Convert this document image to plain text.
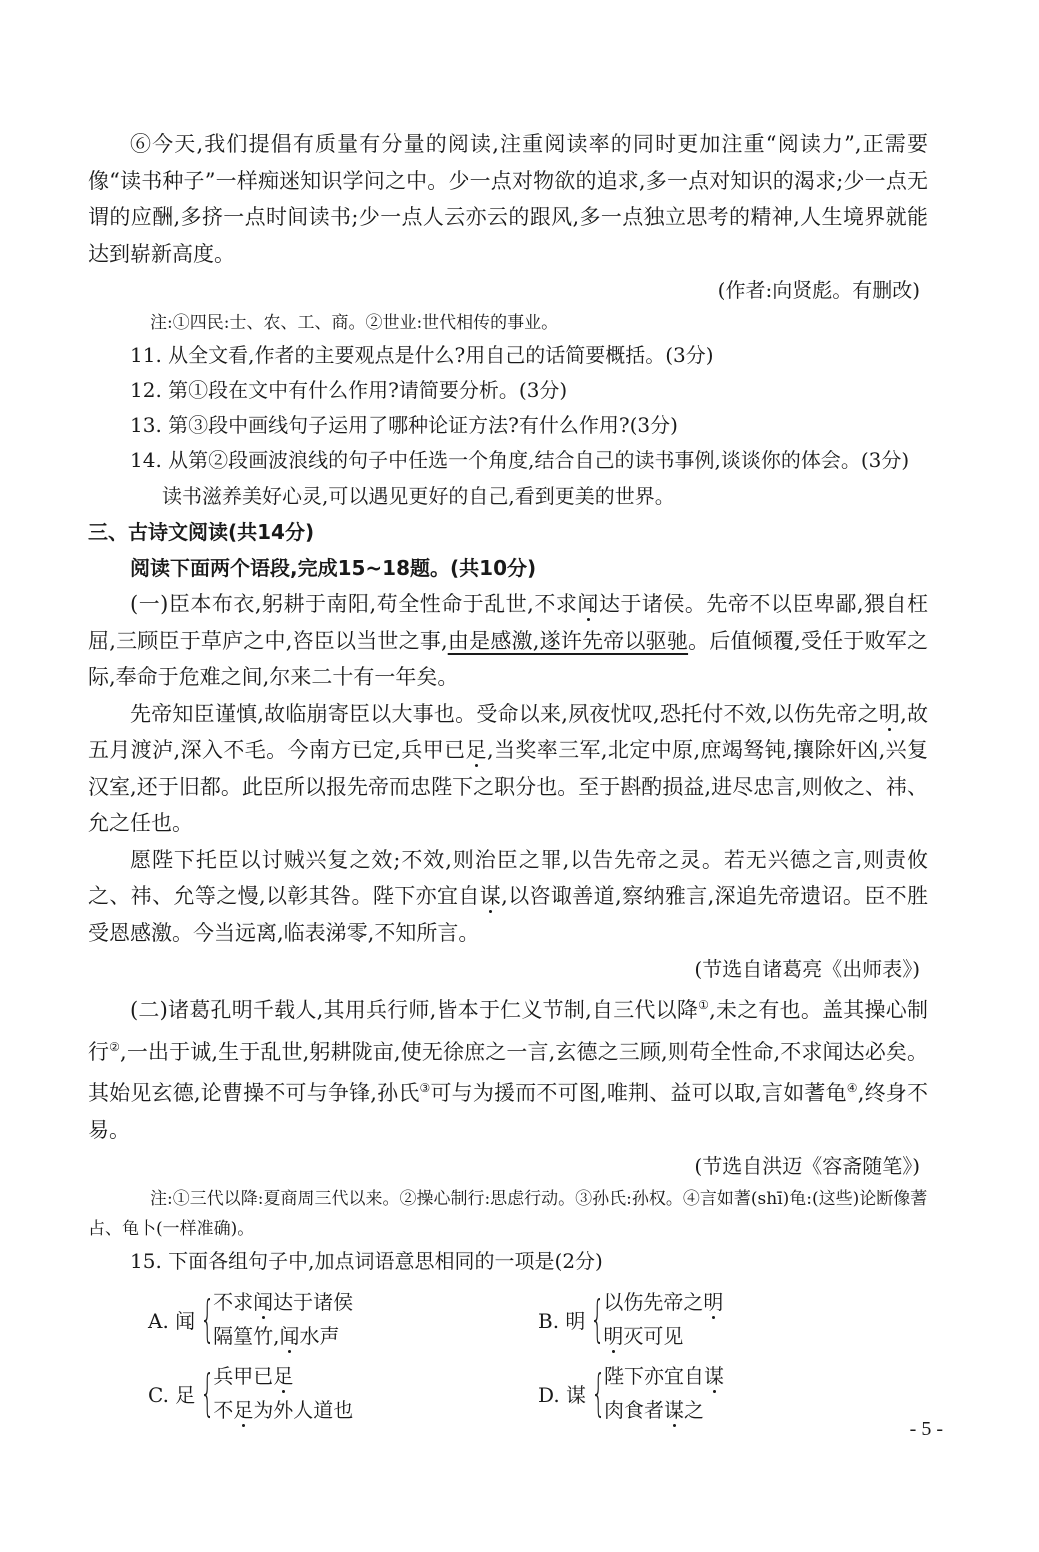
⑥今天,我们提倡有质量有分量的阅读,注重阅读率的同时更加注重“阅读力”,正需要像“读书种子”一样痴迷知识学问之中。少一点对物欲的追求,多一点对知识的渴求;少一点无谓的应酬,多挤一点时间读书;少一点人云亦云的跟风,多一点独立思考的精神,人生境界就能达到崭新高度。

(作者:向贤彪。有删改)

注:①四民:士、农、工、商。②世业:世代相传的事业。

11. 从全文看,作者的主要观点是什么?用自己的话简要概括。(3分)

12. 第①段在文中有什么作用?请简要分析。(3分)

13. 第③段中画线句子运用了哪种论证方法?有什么作用?(3分)

14. 从第②段画波浪线的句子中任选一个角度,结合自己的读书事例,谈谈你的体会。(3分)

读书滋养美好心灵,可以遇见更好的自己,看到更美的世界。

三、古诗文阅读(共14分)

阅读下面两个语段,完成15~18题。(共10分)

(一)臣本布衣,躬耕于南阳,苟全性命于乱世,不求闻达于诸侯。先帝不以臣卑鄙,猥自枉屈,三顾臣于草庐之中,咨臣以当世之事,由是感激,遂许先帝以驱驰。后值倾覆,受任于败军之际,奉命于危难之间,尔来二十有一年矣。

先帝知臣谨慎,故临崩寄臣以大事也。受命以来,夙夜忧叹,恐托付不效,以伤先帝之明,故五月渡泸,深入不毛。今南方已定,兵甲已足,当奖率三军,北定中原,庶竭驽钝,攘除奸凶,兴复汉室,还于旧都。此臣所以报先帝而忠陛下之职分也。至于斟酌损益,进尽忠言,则攸之、祎、允之任也。

愿陛下托臣以讨贼兴复之效;不效,则治臣之罪,以告先帝之灵。若无兴德之言,则责攸之、祎、允等之慢,以彰其咎。陛下亦宜自谋,以咨诹善道,察纳雅言,深追先帝遗诏。臣不胜受恩感激。今当远离,临表涕零,不知所言。

(节选自诸葛亮《出师表》)

(二)诸葛孔明千载人,其用兵行师,皆本于仁义节制,自三代以降①,未之有也。盖其操心制行②,一出于诚,生于乱世,躬耕陇亩,使无徐庶之一言,玄德之三顾,则苟全性命,不求闻达必矣。其始见玄德,论曹操不可与争锋,孙氏③可与为援而不可图,唯荆、益可以取,言如蓍龟④,终身不易。

(节选自洪迈《容斋随笔》)

注:①三代以降:夏商周三代以来。②操心制行:思虑行动。③孙氏:孙权。④言如蓍(shī)龟:(这些)论断像蓍占、龟卜(一样准确)。

15. 下面各组句子中,加点词语意思相同的一项是(2分)

A. 闻 {
不求闻达于诸侯
隔篁竹,闻水声
B. 明 {
以伤先帝之明
明灭可见
C. 足 {
兵甲已足
不足为外人道也
D. 谋 {
陛下亦宜自谋
肉食者谋之
- 5 -
